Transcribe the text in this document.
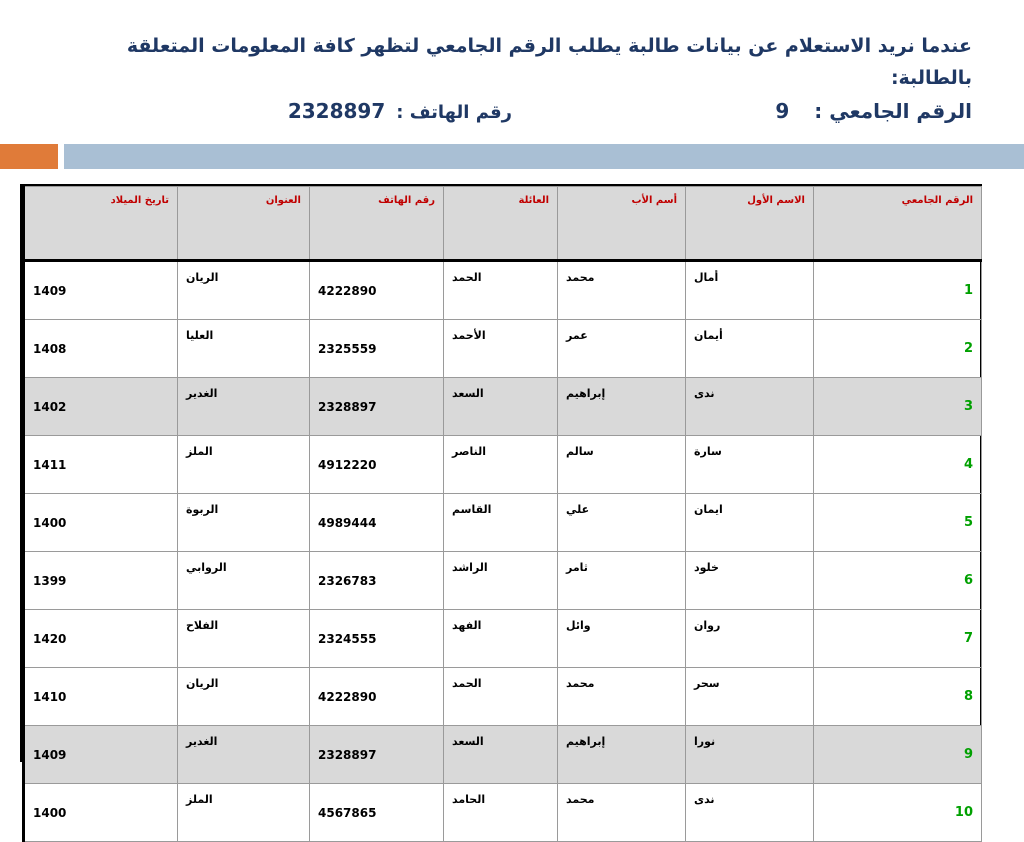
عندما نريد الاستعلام عن بيانات طالبة يطلب الرقم الجامعي لتظهر كافة المعلومات المتعلقة
بالطالبة:
الرقم الجامعي : 9
رقم الهاتف : 2328897
الرقم الجامعي	الاسم الأول	أسم الأب	العائلة	رقم الهاتف	العنوان	تاريخ الميلاد
1	أمال	محمد	الحمد	4222890	الريان	1409
2	أيمان	عمر	الأحمد	2325559	العليا	1408
3	ندى	إبراهيم	السعد	2328897	الغدير	1402
4	سارة	سالم	الناصر	4912220	الملز	1411
5	ايمان	علي	القاسم	4989444	الربوة	1400
6	خلود	ثامر	الراشد	2326783	الروابي	1399
7	روان	وائل	الفهد	2324555	الفلاح	1420
8	سحر	محمد	الحمد	4222890	الريان	1410
9	نورا	إبراهيم	السعد	2328897	الغدير	1409
10	ندى	محمد	الحامد	4567865	الملز	1400
